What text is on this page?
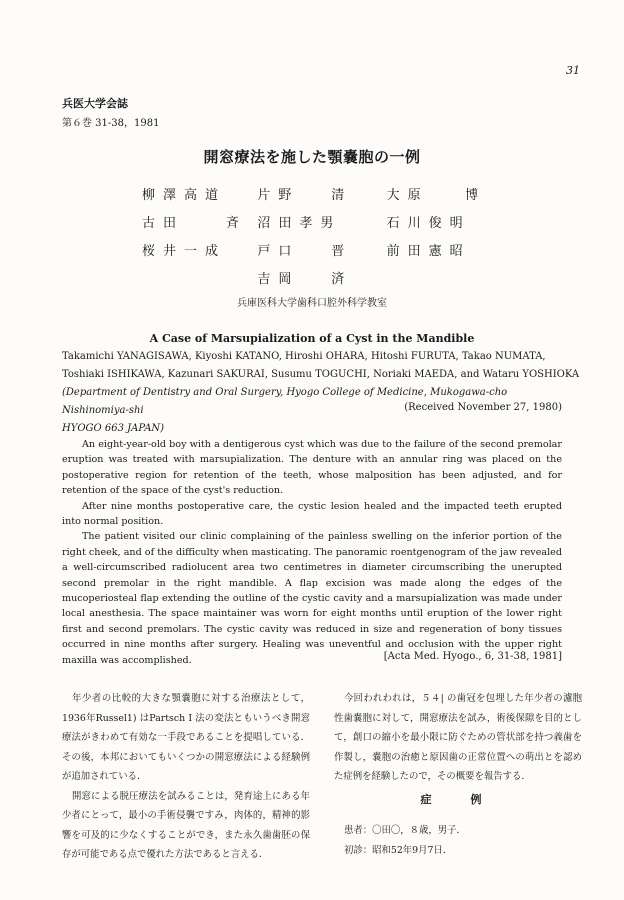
31
兵医大学会誌
第６巻 31-38，1981
開窓療法を施した顎嚢胞の一例
柳澤高道	片野	清	大原	博
古田　　斉 沼田孝男	石川俊明
桜井一成	戸口	晋	前田憲昭
吉岡	済
兵庫医科大学歯科口腔外科学教室
A Case of Marsupialization of a Cyst in the Mandible
Takamichi YANAGISAWA, Kiyoshi KATANO, Hiroshi OHARA, Hitoshi FURUTA, Takao NUMATA,
Toshiaki ISHIKAWA, Kazunari SAKURAI, Susumu TOGUCHI, Noriaki MAEDA, and Wataru YOSHIOKA
(Department of Dentistry and Oral Surgery, Hyogo College of Medicine, Mukogawa-cho Nishinomiya-shi
HYOGO 663 JAPAN)
(Received November 27, 1980)

An eight-year-old boy with a dentigerous cyst which was due to the failure of the second premolar eruption was treated with marsupialization. The denture with an annular ring was placed on the postoperative region for retention of the teeth, whose malposition has been adjusted, and for retention of the space of the cyst's reduction.

After nine months postoperative care, the cystic lesion healed and the impacted teeth erupted into normal position.

The patient visited our clinic complaining of the painless swelling on the inferior portion of the right cheek, and of the difficulty when masticating. The panoramic roentgenogram of the jaw revealed a well-circumscribed radiolucent area two centimetres in diameter circumscribing the unerupted second premolar in the right mandible. A flap excision was made along the edges of the mucoperiosteal flap extending the outline of the cystic cavity and a marsupialization was made under local anesthesia. The space maintainer was worn for eight months until eruption of the lower right first and second premolars. The cystic cavity was reduced in size and regeneration of bony tissues occurred in nine months after surgery. Healing was uneventful and occlusion with the upper right maxilla was accomplished.	[Acta Med. Hyogo., 6, 31-38, 1981]

年少者の比較的大きな顎嚢胞に対する治療法として，1936年Russel1) はPartsch I 法の変法ともいうべき開窓療法がきわめて有効な一手段であることを提唱している．その後，本邦においてもいくつかの開窓療法による経験例が追加されている．

開窓による脱圧療法を試みることは，発育途上にある年少者にとって，最小の手術侵襲ですみ，肉体的，精神的影響を可及的に少なくすることができ，また永久歯歯胚の保存が可能である点で優れた方法であると言える．

今回われわれは，５４| の歯冠を包埋した年少者の濾胞性歯嚢胞に対して，開窓療法を試み，術後保隙を目的として，創口の縮小を最小限に防ぐための管状部を持つ義歯を作製し，嚢胞の治癒と原因歯の正常位置への萌出とを認めた症例を経験したので，その概要を報告する．

症　例
患者：〇田〇，８歳，男子．
初診：昭和52年9月7日．
